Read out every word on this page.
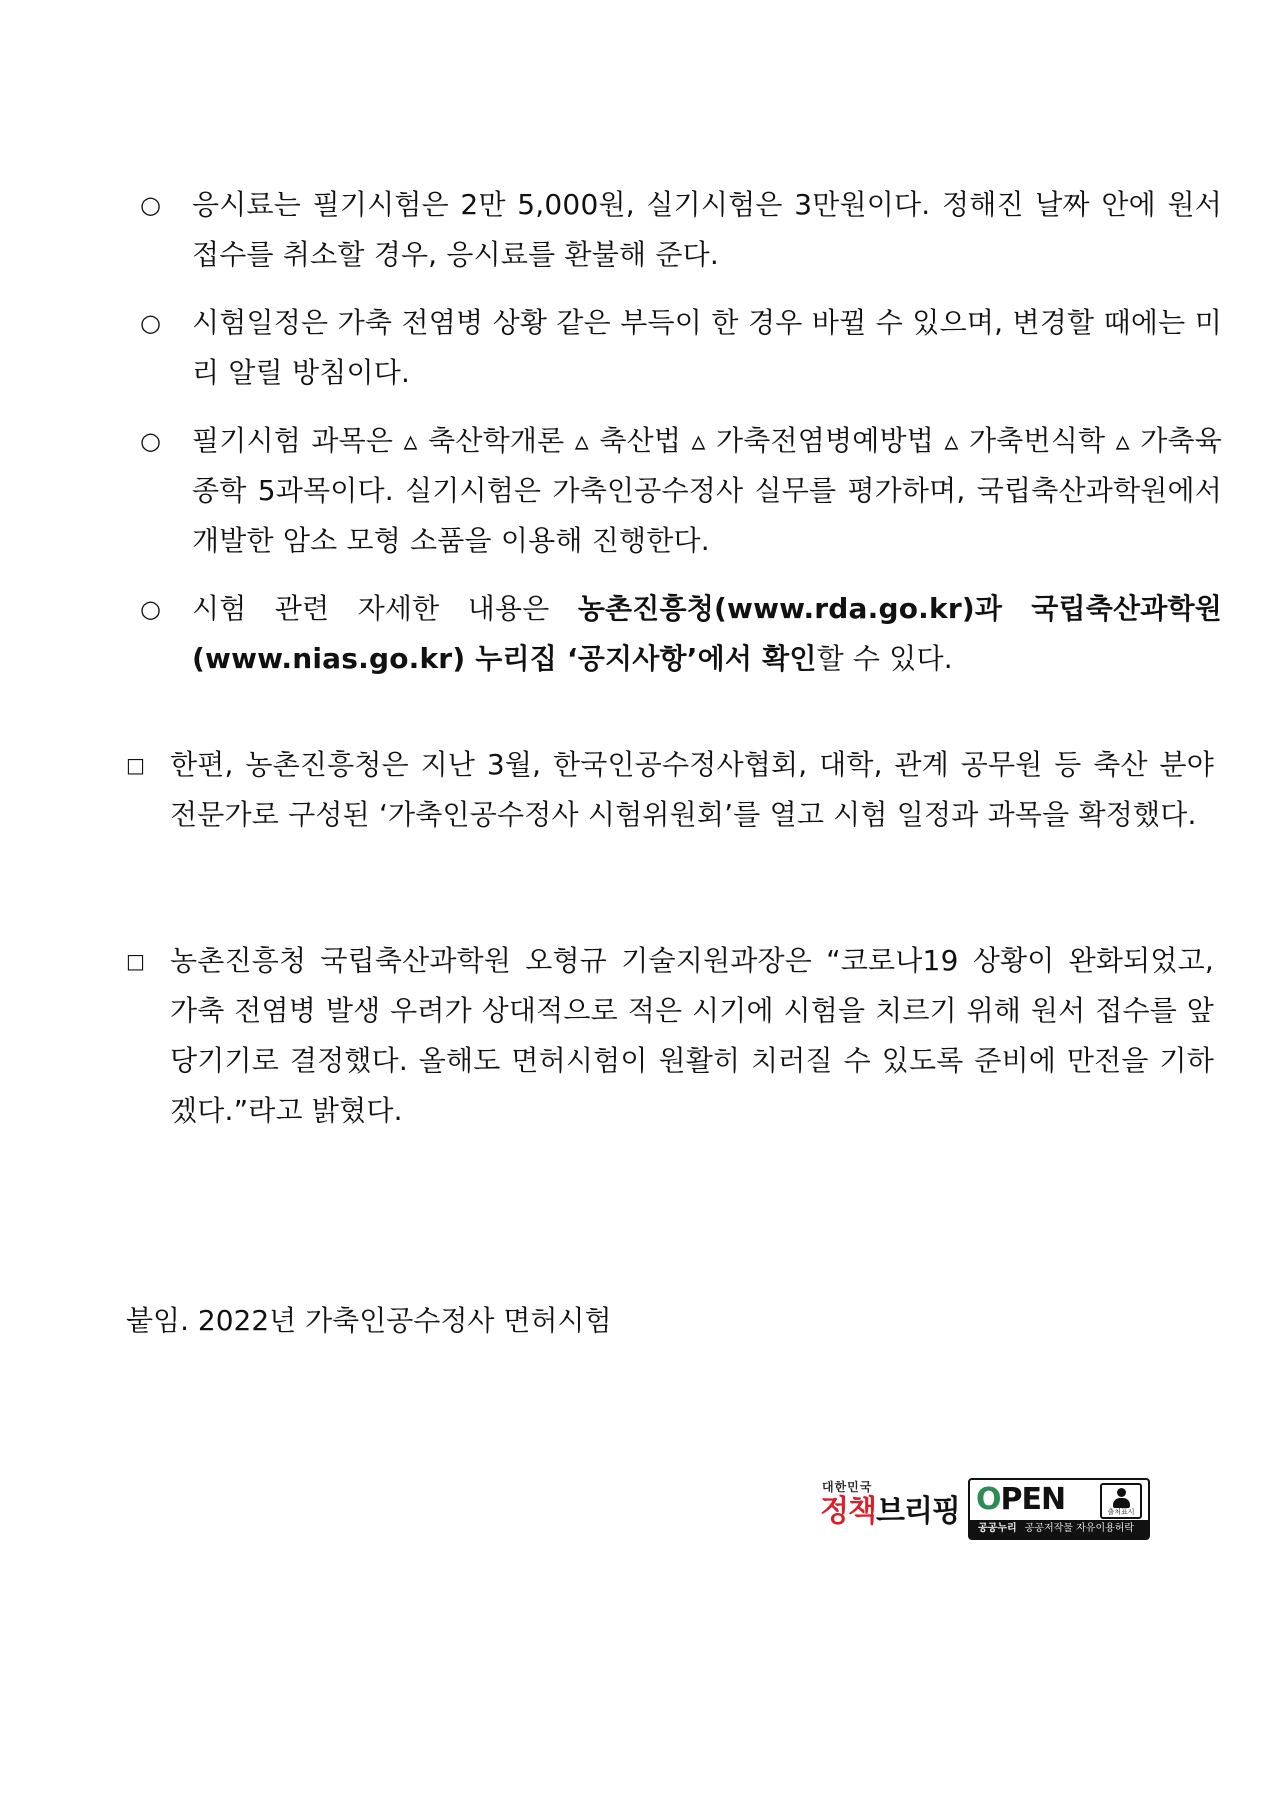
○ 응시료는 필기시험은 2만 5,000원, 실기시험은 3만원이다. 정해진 날짜 안에 원서 접수를 취소할 경우, 응시료를 환불해 준다.
○ 시험일정은 가축 전염병 상황 같은 부득이 한 경우 바뀔 수 있으며, 변경할 때에는 미리 알릴 방침이다.
○ 필기시험 과목은 ▵ 축산학개론 ▵ 축산법 ▵ 가축전염병예방법 ▵ 가축번식학 ▵ 가축육종학 5과목이다. 실기시험은 가축인공수정사 실무를 평가하며, 국립축산과학원에서 개발한 암소 모형 소품을 이용해 진행한다.
○ 시험 관련 자세한 내용은 농촌진흥청(www.rda.go.kr)과 국립축산과학원(www.nias.go.kr) 누리집 ‘공지사항’에서 확인할 수 있다.
□ 한편, 농촌진흥청은 지난 3월, 한국인공수정사협회, 대학, 관계 공무원 등 축산 분야 전문가로 구성된 ‘가축인공수정사 시험위원회’를 열고 시험 일정과 과목을 확정했다.
□ 농촌진흥청 국립축산과학원 오형규 기술지원과장은 “코로나19 상황이 완화되었고, 가축 전염병 발생 우려가 상대적으로 적은 시기에 시험을 치르기 위해 원서 접수를 앞당기기로 결정했다. 올해도 면허시험이 원활히 치러질 수 있도록 준비에 만전을 기하겠다.”라고 밝혔다.
붙임. 2022년 가축인공수정사 면허시험
대한민국
정책브리핑 OPEN	출처표시
공공누리 공공저작물 자유이용허락
